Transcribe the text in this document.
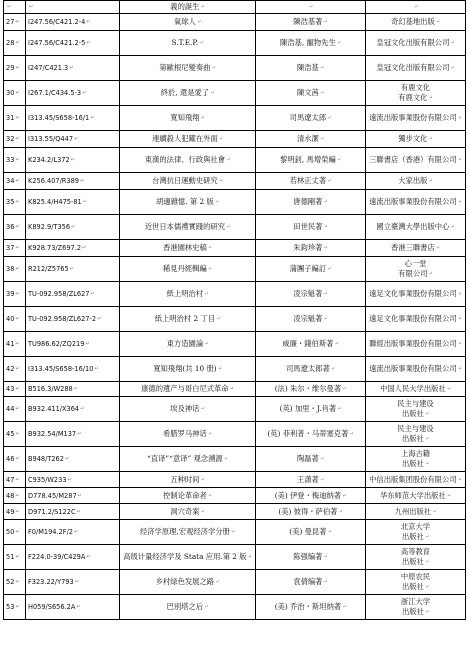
↵	↵	義的誕生↵	↵	↵
27↵	I247.56/C421.2-4↵	氣球人↵	陳浩基著↵	奇幻基地出版↵
28↵	I247.56/C421.2-5↵	S.T.E.P.↵	陳浩基, 寵物先生↵	皇冠文化出版有限公司↵
29↵	I247/C421.3↵	第歐根尼變奏曲↵	陳浩基↵	皇冠文化出版有限公司↵
30↵	I267.1/C434.5-3↵	終於, 還是愛了↵	陳文茜↵	有鹿文化
有鹿文化↵
31↵	I313.45/S658-16/1↵	寬知飛翔↵	司馬遼太郎↵	遠流出版事業股份有限公司↵
32↵	I313.55/Q447↵	連續殺人犯躍在外面↵	清水潔↵	獨步文化↵
33↵	K234.2/L372↵	東漢的法律、行政與社會↵	黎明釗, 馬增榮編↵	三聯書店（香港）有限公司↵
34↵	K256.407/R389↵	台灣抗日運動史研究↵	若林正丈著↵	大家出版↵
35↵	K825.4/H475-81↵	胡適雜憶. 第 2 版↵	唐德剛著↵	遠流出版事業股份有限公司↵
36↵	K892.9/T356↵	近世日本儒禮實踐的研究↵	田世民著↵	國立臺灣大學出版中心↵
37↵	K928.73/Z697.2↵	香港園林史稿↵	朱鈞珍著↵	香港三聯書店↵
38↵	R212/Z5765↵	稀見丹經輯編↵	蒲團子編訂↵	心一堂
有限公司↵
39↵	TU-092.958/ZL627↵	紙上明治村↵	凌宗魁著↵	遠足文化事業股份有限公司↵
40↵	TU-092.958/ZL627-2↵	紙上明治村 2 丁目↵	凌宗魁著↵	遠足文化事業股份有限公司↵
41↵	TU986.62/ZQ219↵	東方造園論↵	威廉・錢伯斯著↵	聯經出版事業股份有限公司↵
42↵	I313.45/S658-16/10↵	寬知飛翔(共 10 册)↵	司馬遼太郎著↵	遠流出版事業股份有限公司↵
43↵	B516.3/W288↵	康德的遺产与哥白尼式革命↵	(法) 朱尔・维尔曼著↵	中国人民大学出版社↵
44↵	B932.411/X364↵	埃及神话↵	(英) 加里・J.肖著↵	民主与建设
出版社↵
45↵	B932.54/M137↵	希腊罗马神话↵	(英) 菲利普・马蒂塞克著↵	民主与建设
出版社↵
46↵	B948/T262↵	“直译”“意译” 观念溯源↵	陶磊著↵	上海古籍
出版社↵
47↵	C935/W233↵	五种时间↵	王潇著↵	中信出版集团股份有限公司↵
48↵	D778.45/M287↵	控制论革命者↵	(美) 伊登・梅迪纳著↵	华东师范大学出版社↵
49↵	D971.2/S122C↵	洞穴奇案↵	(美) 彼得・萨伯著↵	九州出版社↵
50↵	F0/M194.2F/2↵	经济学原理,宏观经济学分册↵	(美) 曼昆著↵	北京大学
出版社↵
51↵	F224.0-39/C429A↵	高级计量经济学及 Stata 应用.第 2 版↵	陈强编著↵	高等教育
出版社↵
52↵	F323.22/Y793↵	乡村绿色发展之路↵	袁倩编著↵	中原农民
出版社↵
53↵	H059/S656.2A↵	巴别塔之后↵	(美) 乔治・斯坦纳著↵	浙江大学
出版社↵
